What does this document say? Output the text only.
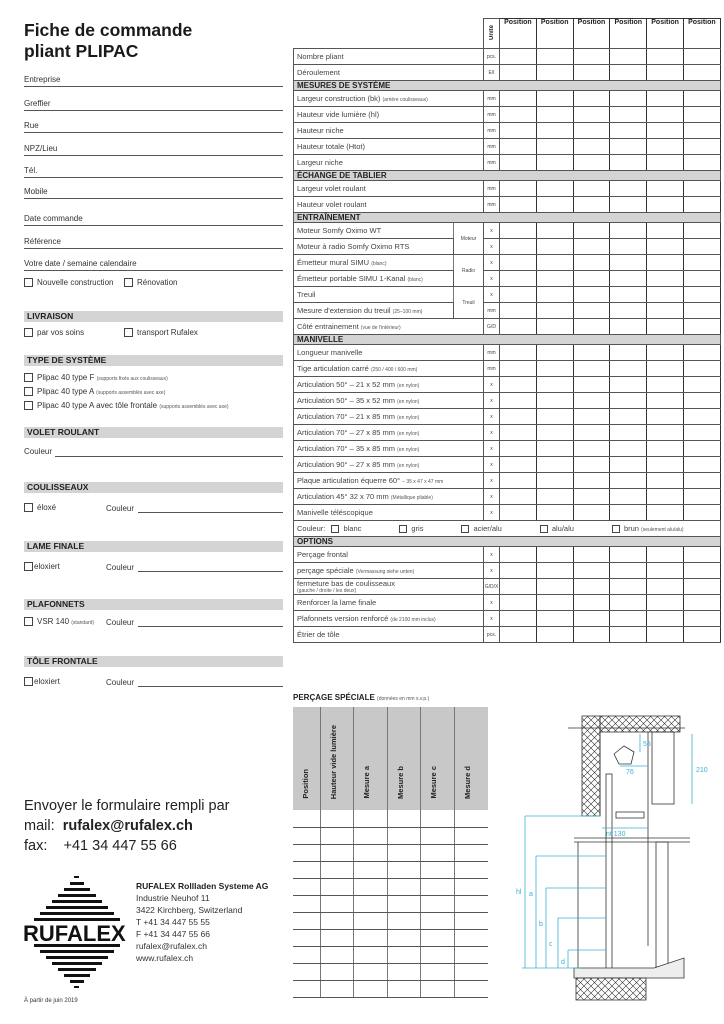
Fiche de commande
pliant PLIPAC
Entreprise
Greffier
Rue
NPZ/Lieu
Tél.
Mobile
Date commande
Référence
Votre date / semaine calendaire
Nouvelle construction	Rénovation
LIVRAISON
par vos soins	transport Rufalex
TYPE DE SYSTÈME
Plipac 40 type F (supports fixés aux coulisseaux)
Plipac 40 type A (supports assemblés avec axe)
Plipac 40 type A avec tôle frontale (supports assemblés avec axe)
VOLET ROULANT
Couleur
COULISSEAUX
éloxé	Couleur
LAME FINALE
eloxiert	Couleur
PLAFONNETS
VSR 140 (standard) Couleur
TÔLE FRONTALE
eloxiert	Couleur
		Unité	Position	Position	Position	Position	Position	Position
Nombre pliant		pcs.						
Déroulement		E/I						
MESURES DE SYSTÈME								
Largeur construction (bk) (arrière coulisseaux)		mm						
Hauteur vide lumière (hl)		mm						
Hauteur niche		mm						
Hauteur totale (Htot)		mm						
Largeur niche		mm						
ÉCHANGE DE TABLIER								
Largeur volet roulant		mm						
Hauteur volet roulant		mm						
ENTRAÎNEMENT								
Moteur Somfy Oximo WT	Moteur	x						
Moteur à radio Somfy Oximo RTS		x						
Émetteur mural SIMU (blanc)	Radio	x						
Émetteur portable SIMU 1-Kanal (blanc)		x						
Treuil	Treuil	x						
Mesure d'extension du treuil (25–100 mm)		mm						
Côté entrainement (vue de l'intérieur)		G/D						
MANIVELLE								
Longueur manivelle		mm						
Tige articulation carré (250 / 400 / 600 mm)		mm						
Articulation 50° – 21 x 52 mm (en nylon)		x						
Articulation 50° – 35 x 52 mm (en nylon)		x						
Articulation 70° – 21 x 85 mm (en nylon)		x						
Articulation 70° – 27 x 85 mm (en nylon)		x						
Articulation 70° – 35 x 85 mm (en nylon)		x						
Articulation 90° – 27 x 85 mm (en nylon)		x						
Plaque articulation équerre 60° – 35 x 47 x 47 mm		x						
Articulation 45° 32 x 70 mm (Métallique pliable)		x						
Manivelle téléscopique		x						
Couleur: blanc gris acier/alu alu/alu brun (seulement alu/alu)								
OPTIONS								
Perçage frontal		x						
perçage spéciale (Vermassung siehe unten)		x						

fermeture bas de coulisseaux
(gauche / droite / les deux)		G/D/X						
Renforcer la lame finale		x						
Plafonnets version renforcé (de 2100 mm inclus)		x						
Étrier de tôle		pcs.						
PERÇAGE SPÉCIALE (données en mm s.v.p.)
Position	Hauteur vide lumière	Mesure a	Mesure b	Mesure c	Mesure d

Envoyer le formulaire rempli par
mail: rufalex@rufalex.ch
fax: +41 34 447 55 66
RUFALEX
RUFALEX Rollladen Systeme AG
Industrie Neuhof 11
3422 Kirchberg, Switzerland
T +41 34 447 55 55
F +41 34 447 55 66
rufalex@rufalex.ch
www.rufalex.ch
À partir de juin 2019
55
76	210
nt 130
hl a
b
c
d
